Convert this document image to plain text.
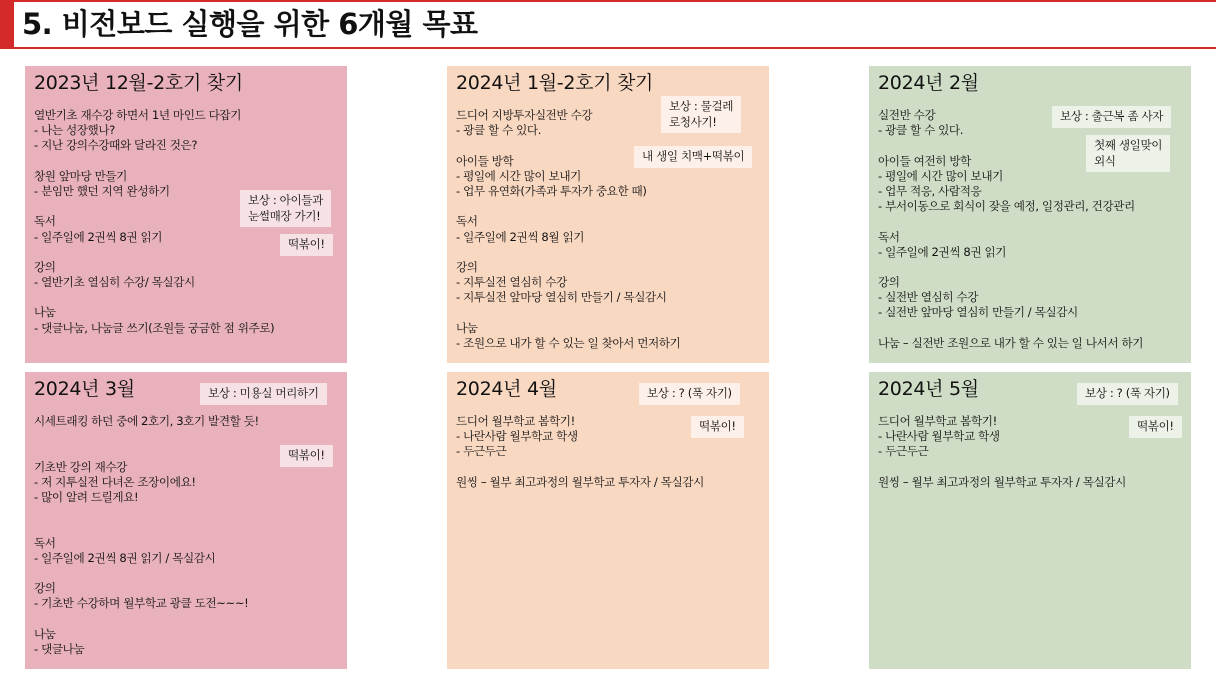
5. 비전보드 실행을 위한 6개월 목표
2023년 12월-2호기 찾기
열반기초 재수강 하면서 1년 마인드 다잡기
- 나는 성장했나?
- 지난 강의수강때와 달라진 것은?
창원 앞마당 만들기
- 분임만 했던 지역 완성하기
독서
- 일주일에 2권씩 8권 읽기
강의
- 열반기초 열심히 수강/ 목실감시
나눔
- 댓글나눔, 나눔글 쓰기(조원들 궁금한 점 위주로)
보상 : 아이들과
눈썰매장 가기!
떡볶이!
2024년 1월-2호기 찾기
드디어 지방투자실전반 수강
- 광클 할 수 있다.
아이들 방학
- 평일에 시간 많이 보내기
- 업무 유연화(가족과 투자가 중요한 때)
독서
- 일주일에 2권씩 8월 읽기
강의
- 지투실전 열심히 수강
- 지투실전 앞마당 열심히 만들기 / 목실감시
나눔
- 조원으로 내가 할 수 있는 일 찾아서 먼저하기
보상 : 물걸레
로청사기!
내 생일 치맥+떡볶이
2024년 2월
실전반 수강
- 광클 할 수 있다.
아이들 여전히 방학
- 평일에 시간 많이 보내기
- 업무 적응, 사람적응
- 부서이동으로 회식이 잦을 예정, 일정관리, 건강관리
독서
- 일주일에 2권씩 8권 읽기
강의
- 실전반 열심히 수강
- 실전반 앞마당 열심히 만들기 / 목실감시
나눔 – 실전반 조원으로 내가 할 수 있는 일 나서서 하기
보상 : 출근복 좀 사자
첫째 생일맞이
외식
2024년 3월
시세트래킹 하던 중에 2호기, 3호기 발견할 듯!
기초반 강의 재수강
- 저 지투실전 다녀온 조장이에요!
- 많이 알려 드릴게요!
독서
- 일주일에 2권씩 8권 읽기 / 목실감시
강의
- 기초반 수강하며 월부학교 광클 도전~~~!
나눔
- 댓글나눔
보상 : 미용실 머리하기
떡볶이!
2024년 4월
드디어 월부학교 봄학기!
- 나란사람 월부학교 학생
- 두근두근
원씽 – 월부 최고과정의 월부학교 투자자 / 목실감시
보상 : ? (푹 자기)
떡볶이!
2024년 5월
드디어 월부학교 봄학기!
- 나란사람 월부학교 학생
- 두근두근
원씽 – 월부 최고과정의 월부학교 투자자 / 목실감시
보상 : ? (푹 자기)
떡볶이!
